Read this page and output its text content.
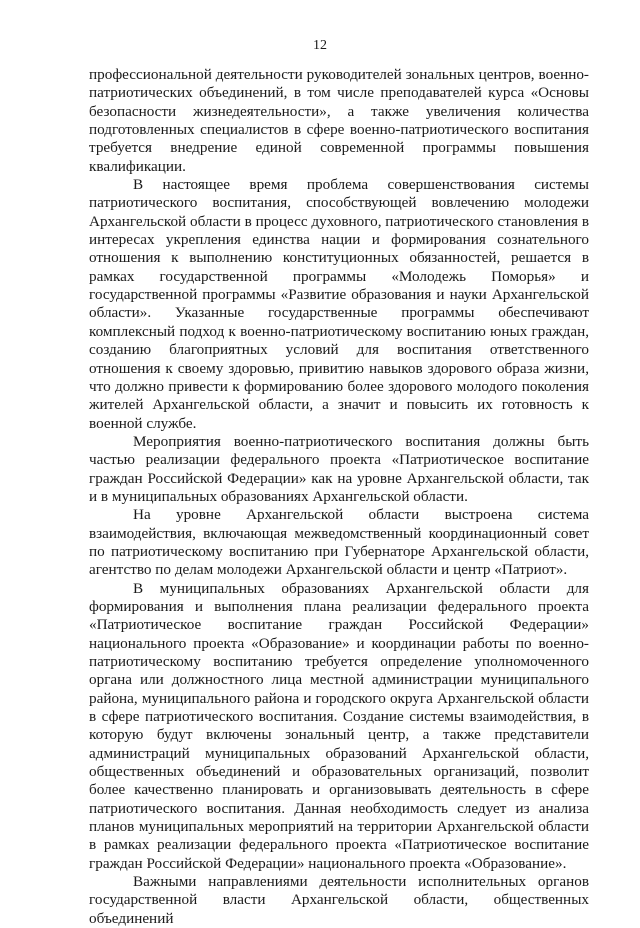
12

профессиональной деятельности руководителей зональных центров, военно-патриотических объединений, в том числе преподавателей курса «Основы безопасности жизнедеятельности», а также увеличения количества подготовленных специалистов в сфере военно-патриотического воспитания требуется внедрение единой современной программы повышения квалификации.

В настоящее время проблема совершенствования системы патриотического воспитания, способствующей вовлечению молодежи Архангельской области в процесс духовного, патриотического становления в интересах укрепления единства нации и формирования сознательного отношения к выполнению конституционных обязанностей, решается в рамках государственной программы «Молодежь Поморья» и государственной программы «Развитие образования и науки Архангельской области». Указанные государственные программы обеспечивают комплексный подход к военно-патриотическому воспитанию юных граждан, созданию благоприятных условий для воспитания ответственного отношения к своему здоровью, привитию навыков здорового образа жизни, что должно привести к формированию более здорового молодого поколения жителей Архангельской области, а значит и повысить их готовность к военной службе.

Мероприятия военно-патриотического воспитания должны быть частью реализации федерального проекта «Патриотическое воспитание граждан Российской Федерации» как на уровне Архангельской области, так и в муниципальных образованиях Архангельской области.

На уровне Архангельской области выстроена система взаимодействия, включающая межведомственный координационный совет по патриотическому воспитанию при Губернаторе Архангельской области, агентство по делам молодежи Архангельской области и центр «Патриот».

В муниципальных образованиях Архангельской области для формирования и выполнения плана реализации федерального проекта «Патриотическое воспитание граждан Российской Федерации» национального проекта «Образование» и координации работы по военно-патриотическому воспитанию требуется определение уполномоченного органа или должностного лица местной администрации муниципального района, муниципального района и городского округа Архангельской области в сфере патриотического воспитания. Создание системы взаимодействия, в которую будут включены зональный центр, а также представители администраций муниципальных образований Архангельской области, общественных объединений и образовательных организаций, позволит более качественно планировать и организовывать деятельность в сфере патриотического воспитания. Данная необходимость следует из анализа планов муниципальных мероприятий на территории Архангельской области в рамках реализации федерального проекта «Патриотическое воспитание граждан Российской Федерации» национального проекта «Образование».

Важными направлениями деятельности исполнительных органов государственной власти Архангельской области, общественных объединений
